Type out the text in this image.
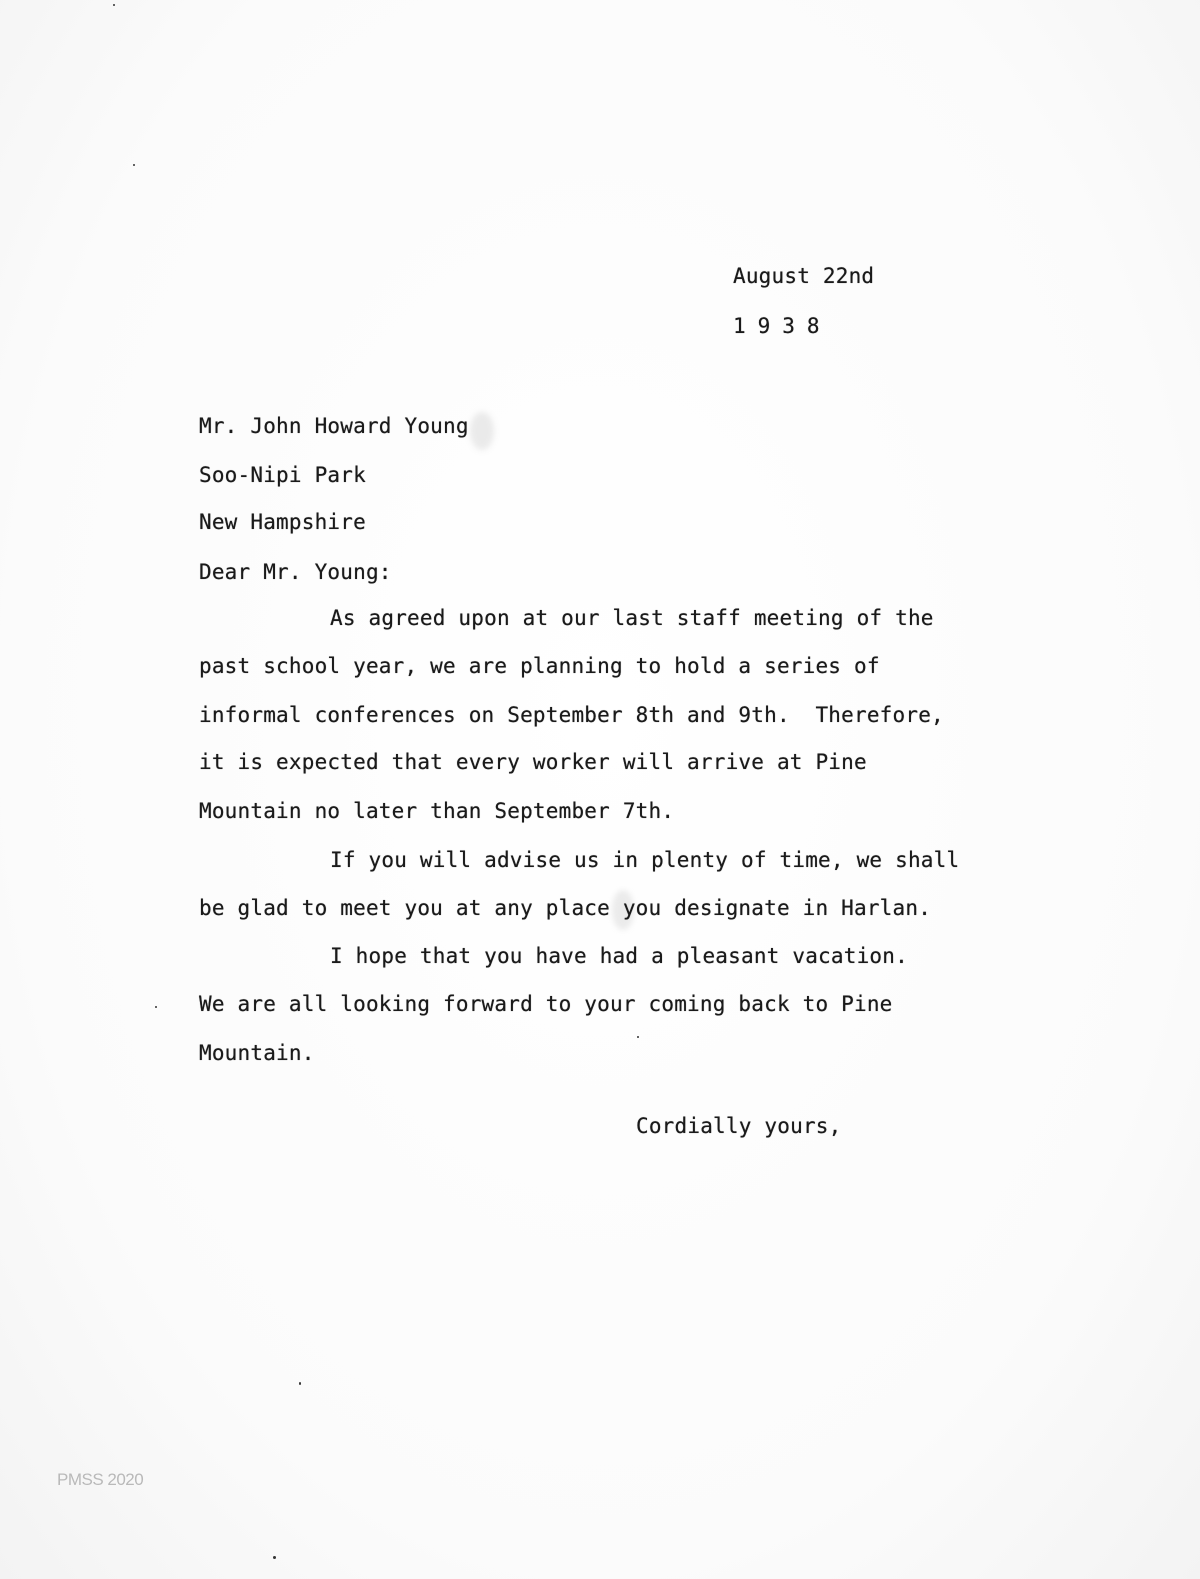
August 22nd
1938
Mr. John Howard Young
Soo-Nipi Park
New Hampshire
Dear Mr. Young:
As agreed upon at our last staff meeting of the
past school year, we are planning to hold a series of
informal conferences on September 8th and 9th.  Therefore,
it is expected that every worker will arrive at Pine
Mountain no later than September 7th.
If you will advise us in plenty of time, we shall
be glad to meet you at any place you designate in Harlan.
I hope that you have had a pleasant vacation.
We are all looking forward to your coming back to Pine
Mountain.
Cordially yours,
PMSS 2020
